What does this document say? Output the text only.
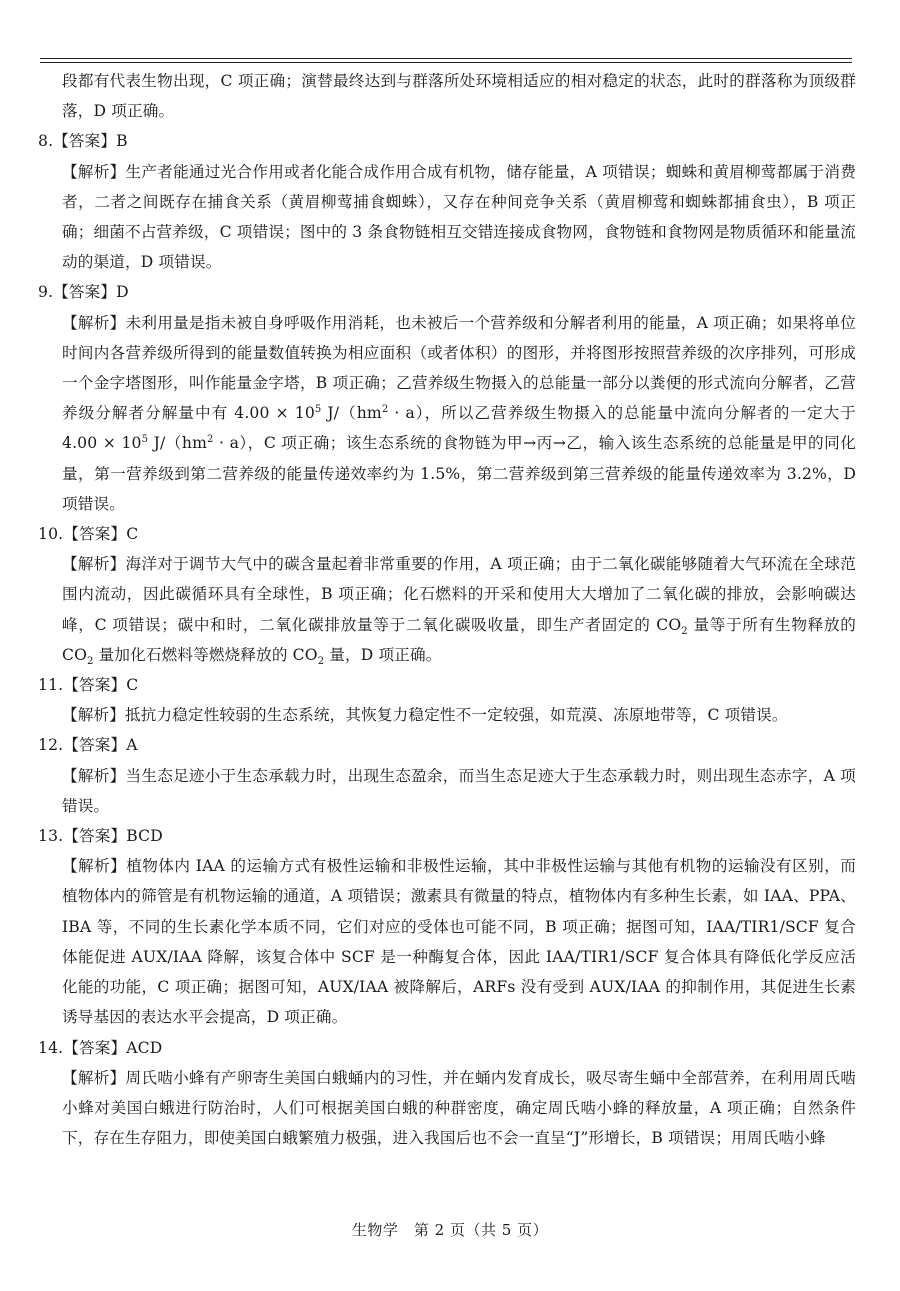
段都有代表生物出现，C 项正确；演替最终达到与群落所处环境相适应的相对稳定的状态，此时的群落称为顶级群落，D 项正确。

8.【答案】B

【解析】生产者能通过光合作用或者化能合成作用合成有机物，储存能量，A 项错误；蜘蛛和黄眉柳莺都属于消费者，二者之间既存在捕食关系（黄眉柳莺捕食蜘蛛），又存在种间竞争关系（黄眉柳莺和蜘蛛都捕食虫），B 项正确；细菌不占营养级，C 项错误；图中的 3 条食物链相互交错连接成食物网，食物链和食物网是物质循环和能量流动的渠道，D 项错误。

9.【答案】D

【解析】未利用量是指未被自身呼吸作用消耗，也未被后一个营养级和分解者利用的能量，A 项正确；如果将单位时间内各营养级所得到的能量数值转换为相应面积（或者体积）的图形，并将图形按照营养级的次序排列，可形成一个金字塔图形，叫作能量金字塔，B 项正确；乙营养级生物摄入的总能量一部分以粪便的形式流向分解者，乙营养级分解者分解量中有 $4.00 \times 10^5$ $J/(hm^2 \cdot a)$，所以乙营养级生物摄入的总能量中流向分解者的一定大于 $4.00 \times 10^5$ $J/(hm^2 \cdot a)$，C 项正确；该生态系统的食物链为甲→丙→乙，输入该生态系统的总能量是甲的同化量，第一营养级到第二营养级的能量传递效率约为 1.5%，第二营养级到第三营养级的能量传递效率为 3.2%，D 项错误。

10.【答案】C

【解析】海洋对于调节大气中的碳含量起着非常重要的作用，A 项正确；由于二氧化碳能够随着大气环流在全球范围内流动，因此碳循环具有全球性，B 项正确；化石燃料的开采和使用大大增加了二氧化碳的排放，会影响碳达峰，C 项错误；碳中和时，二氧化碳排放量等于二氧化碳吸收量，即生产者固定的 $CO_2$ 量等于所有生物释放的 $CO_2$ 量加化石燃料等燃烧释放的 $CO_2$ 量，D 项正确。

11.【答案】C

【解析】抵抗力稳定性较弱的生态系统，其恢复力稳定性不一定较强，如荒漠、冻原地带等，C 项错误。

12.【答案】A

【解析】当生态足迹小于生态承载力时，出现生态盈余，而当生态足迹大于生态承载力时，则出现生态赤字，A 项错误。

13.【答案】BCD

【解析】植物体内 IAA 的运输方式有极性运输和非极性运输，其中非极性运输与其他有机物的运输没有区别，而植物体内的筛管是有机物运输的通道，A 项错误；激素具有微量的特点，植物体内有多种生长素，如 IAA、PPA、IBA 等，不同的生长素化学本质不同，它们对应的受体也可能不同，B 项正确；据图可知，IAA/TIR1/SCF 复合体能促进 AUX/IAA 降解，该复合体中 SCF 是一种酶复合体，因此 IAA/TIR1/SCF 复合体具有降低化学反应活化能的功能，C 项正确；据图可知，AUX/IAA 被降解后，ARFs 没有受到 AUX/IAA 的抑制作用，其促进生长素诱导基因的表达水平会提高，D 项正确。

14.【答案】ACD

【解析】周氏啮小蜂有产卵寄生美国白蛾蛹内的习性，并在蛹内发育成长，吸尽寄生蛹中全部营养，在利用周氏啮小蜂对美国白蛾进行防治时，人们可根据美国白蛾的种群密度，确定周氏啮小蜂的释放量，A 项正确；自然条件下，存在生存阻力，即使美国白蛾繁殖力极强，进入我国后也不会一直呈“J”形增长，B 项错误；用周氏啮小蜂

生物学　第 2 页（共 5 页）
